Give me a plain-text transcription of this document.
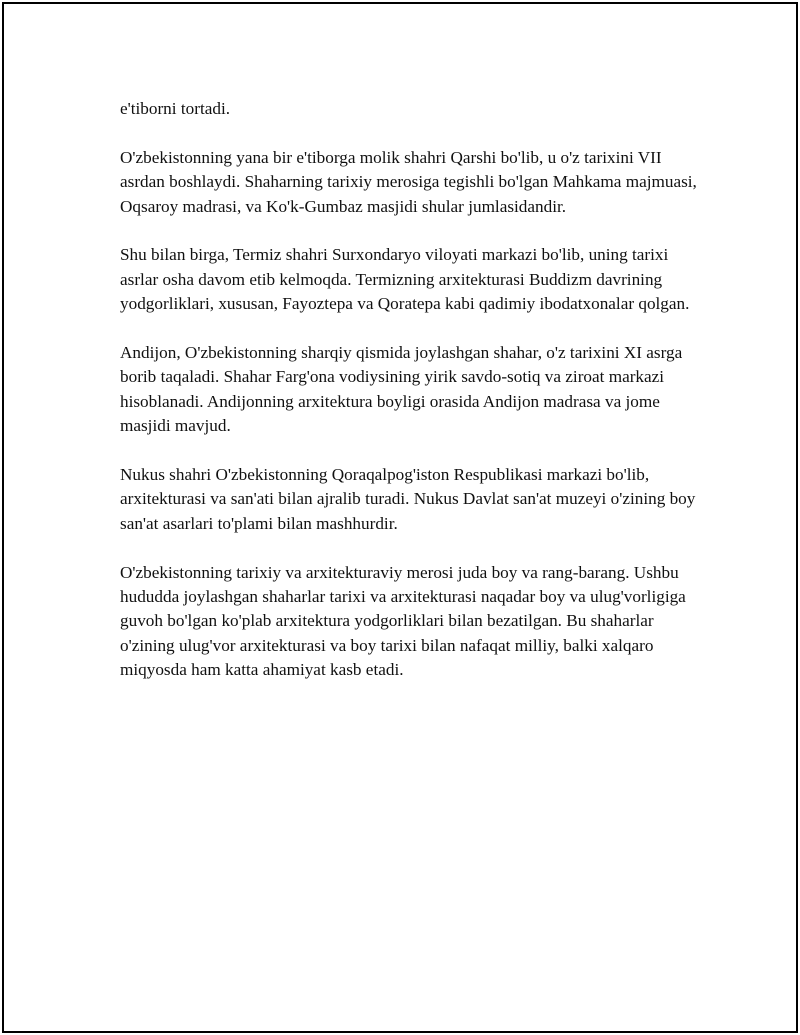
e'tiborni tortadi.

O'zbekistonning yana bir e'tiborga molik shahri Qarshi bo'lib, u o'z tarixini VII asrdan boshlaydi. Shaharning tarixiy merosiga tegishli bo'lgan Mahkama majmuasi, Oqsaroy madrasi, va Ko'k-Gumbaz masjidi shular jumlasidandir.

Shu bilan birga, Termiz shahri Surxondaryo viloyati markazi bo'lib, uning tarixi asrlar osha davom etib kelmoqda. Termizning arxitekturasi Buddizm davrining yodgorliklari, xususan, Fayoztepa va Qoratepa kabi qadimiy ibodatxonalar qolgan.

Andijon, O'zbekistonning sharqiy qismida joylashgan shahar, o'z tarixini XI asrga borib taqaladi. Shahar Farg'ona vodiysining yirik savdo-sotiq va ziroat markazi hisoblanadi. Andijonning arxitektura boyligi orasida Andijon madrasa va jome masjidi mavjud.

Nukus shahri O'zbekistonning Qoraqalpog'iston Respublikasi markazi bo'lib, arxitekturasi va san'ati bilan ajralib turadi. Nukus Davlat san'at muzeyi o'zining boy san'at asarlari to'plami bilan mashhurdir.

O'zbekistonning tarixiy va arxitekturaviy merosi juda boy va rang-barang. Ushbu hududda joylashgan shaharlar tarixi va arxitekturasi naqadar boy va ulug'vorligiga guvoh bo'lgan ko'plab arxitektura yodgorliklari bilan bezatilgan. Bu shaharlar o'zining ulug'vor arxitekturasi va boy tarixi bilan nafaqat milliy, balki xalqaro miqyosda ham katta ahamiyat kasb etadi.
